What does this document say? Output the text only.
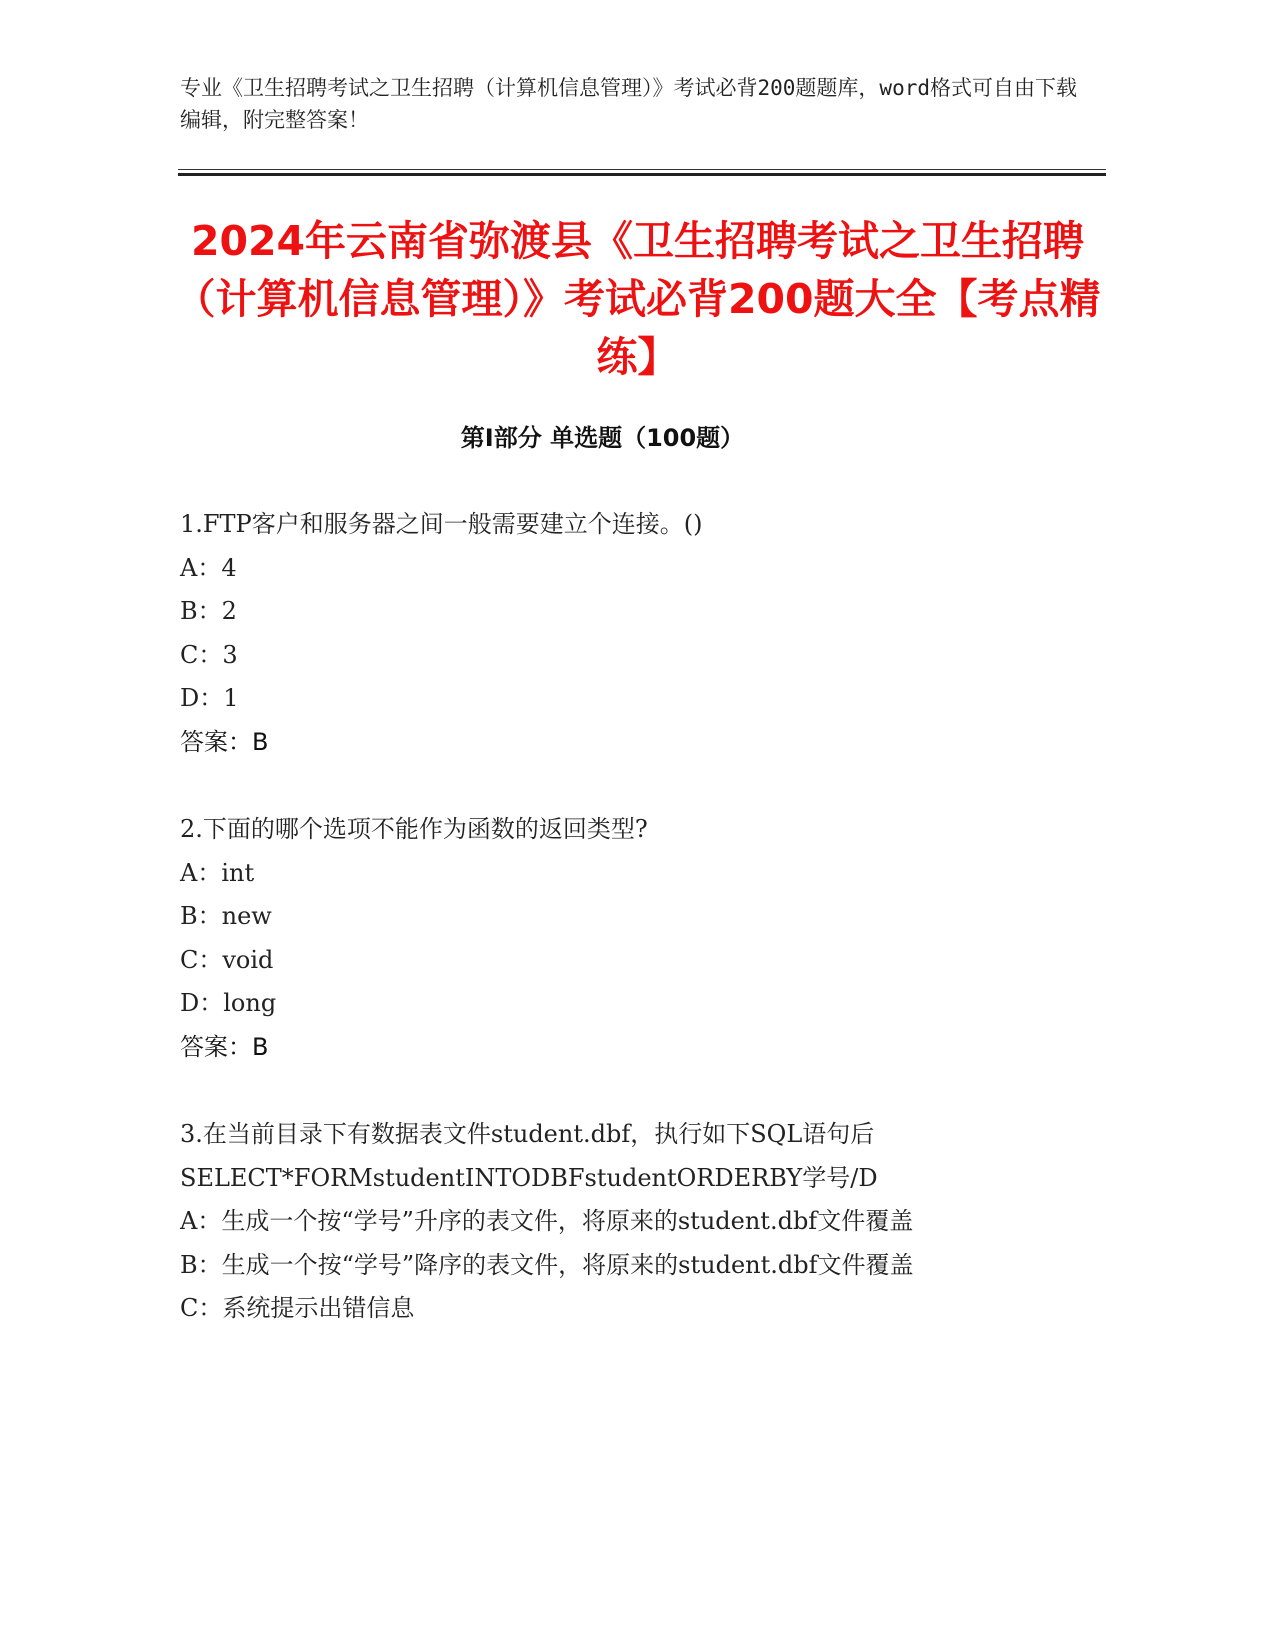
专业《卫生招聘考试之卫生招聘（计算机信息管理）》考试必背200题题库，word格式可自由下载编辑，附完整答案！
2024年云南省弥渡县《卫生招聘考试之卫生招聘（计算机信息管理）》考试必背200题大全【考点精练】
第Ⅰ部分 单选题（100题）
1.FTP客户和服务器之间一般需要建立个连接。()
A：4
B：2
C：3
D：1
答案：B
2.下面的哪个选项不能作为函数的返回类型?
A：int
B：new
C：void
D：long
答案：B
3.在当前目录下有数据表文件student.dbf，执行如下SQL语句后SELECT*FORMstudentINTODBFstudentORDERBY学号/D
A：生成一个按“学号”升序的表文件，将原来的student.dbf文件覆盖
B：生成一个按“学号”降序的表文件，将原来的student.dbf文件覆盖
C：系统提示出错信息
